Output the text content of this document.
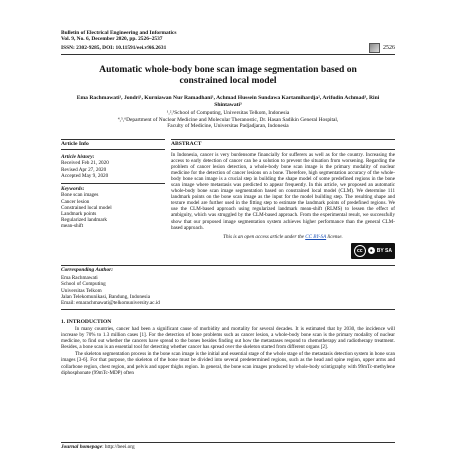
Bulletin of Electrical Engineering and Informatics
Vol. 9, No. 6, December 2020, pp. 2526~2537
ISSN: 2302-9285, DOI: 10.11591/eei.v9i6.2631	2526
Automatic whole-body bone scan image segmentation based on constrained local model
Ema Rachmawati¹, Jondri¹, Kurniawan Nur Ramadhani¹, Achmad Hussein Sundawa Kartamihardja², Arifudin Achmad³, Rini Shintawati³
¹,²,³School of Computing, Universitas Telkom, Indonesia
⁴,⁵,⁶Department of Nuclear Medicine and Molecular Theranostic, Dr. Hasan Sadikin General Hospital,
Faculty of Medicine, Universitas Padjadjaran, Indonesia
Article Info
Article history:
Received Feb 21, 2020
Revised Apr 27, 2020
Accepted May 9, 2020
Keywords:
Bone scan images
Cancer lesion
Constrained local model
Landmark points
Regularized landmark
mean-shift
ABSTRACT
In Indonesia, cancer is very burdensome financially for sufferers as well as for the country. Increasing the access to early detection of cancer can be a solution to prevent the situation from worsening. Regarding the problem of cancer lesion detection, a whole-body bone scan image is the primary modality of nuclear medicine for the detection of cancer lesions on a bone. Therefore, high segmentation accuracy of the whole-body bone scan image is a crucial step in building the shape model of some predefined regions in the bone scan image where metastasis was predicted to appear frequently. In this article, we proposed an automatic whole-body bone scan image segmentation based on constrained local model (CLM). We determine 111 landmark points on the bone scan image as the input for the model building step. The resulting shape and texture model are further used in the fitting step to estimate the landmark points of predefined regions. We use the CLM-based approach using regularized landmark mean-shift (RLMS) to lessen the effect of ambiguity, which was struggled by the CLM-based approach. From the experimental result, we successfully show that our proposed image segmentation system achieves higher performance than the general CLM-based approach.
This is an open access article under the CC BY-SA license.
cc	● BY SA
Corresponding Author:
Ema Rachmawati
School of Computing
Universitas Telkom
Jalan Telekomunikasi, Bandung, Indonesia
Email: emarachmawati@telkomuniversity.ac.id
1. INTRODUCTION
In many countries, cancer had been a significant cause of morbidity and mortality for several decades. It is estimated that by 2030, the incidence will increase by 70% to 1.3 million cases [1]. For the detection of bone problems such as cancer lesion, a whole-body bone scan is the primary modality of nuclear medicine, to find out whether the cancers have spread to the bones besides finding out how the metastases respond to chemotherapy and radiotherapy treatment. Besides, a bone scan is an essential tool for detecting whether cancer has spread over the skeleton started from different organs [2].
The skeleton segmentation process in the bone scan image is the initial and essential stage of the whole stage of the metastasis detection system in bone scan images [3-6]. For that purpose, the skeleton of the bone must be divided into several predetermined regions, such as the head and spine region, upper arms and collarbone region, chest region, and pelvis and upper thighs region. In general, the bone scan images produced by whole-body scintigraphy with 99mTc-methylene diphosphonate (99mTc-MDP) often
Journal homepage: http://beei.org
